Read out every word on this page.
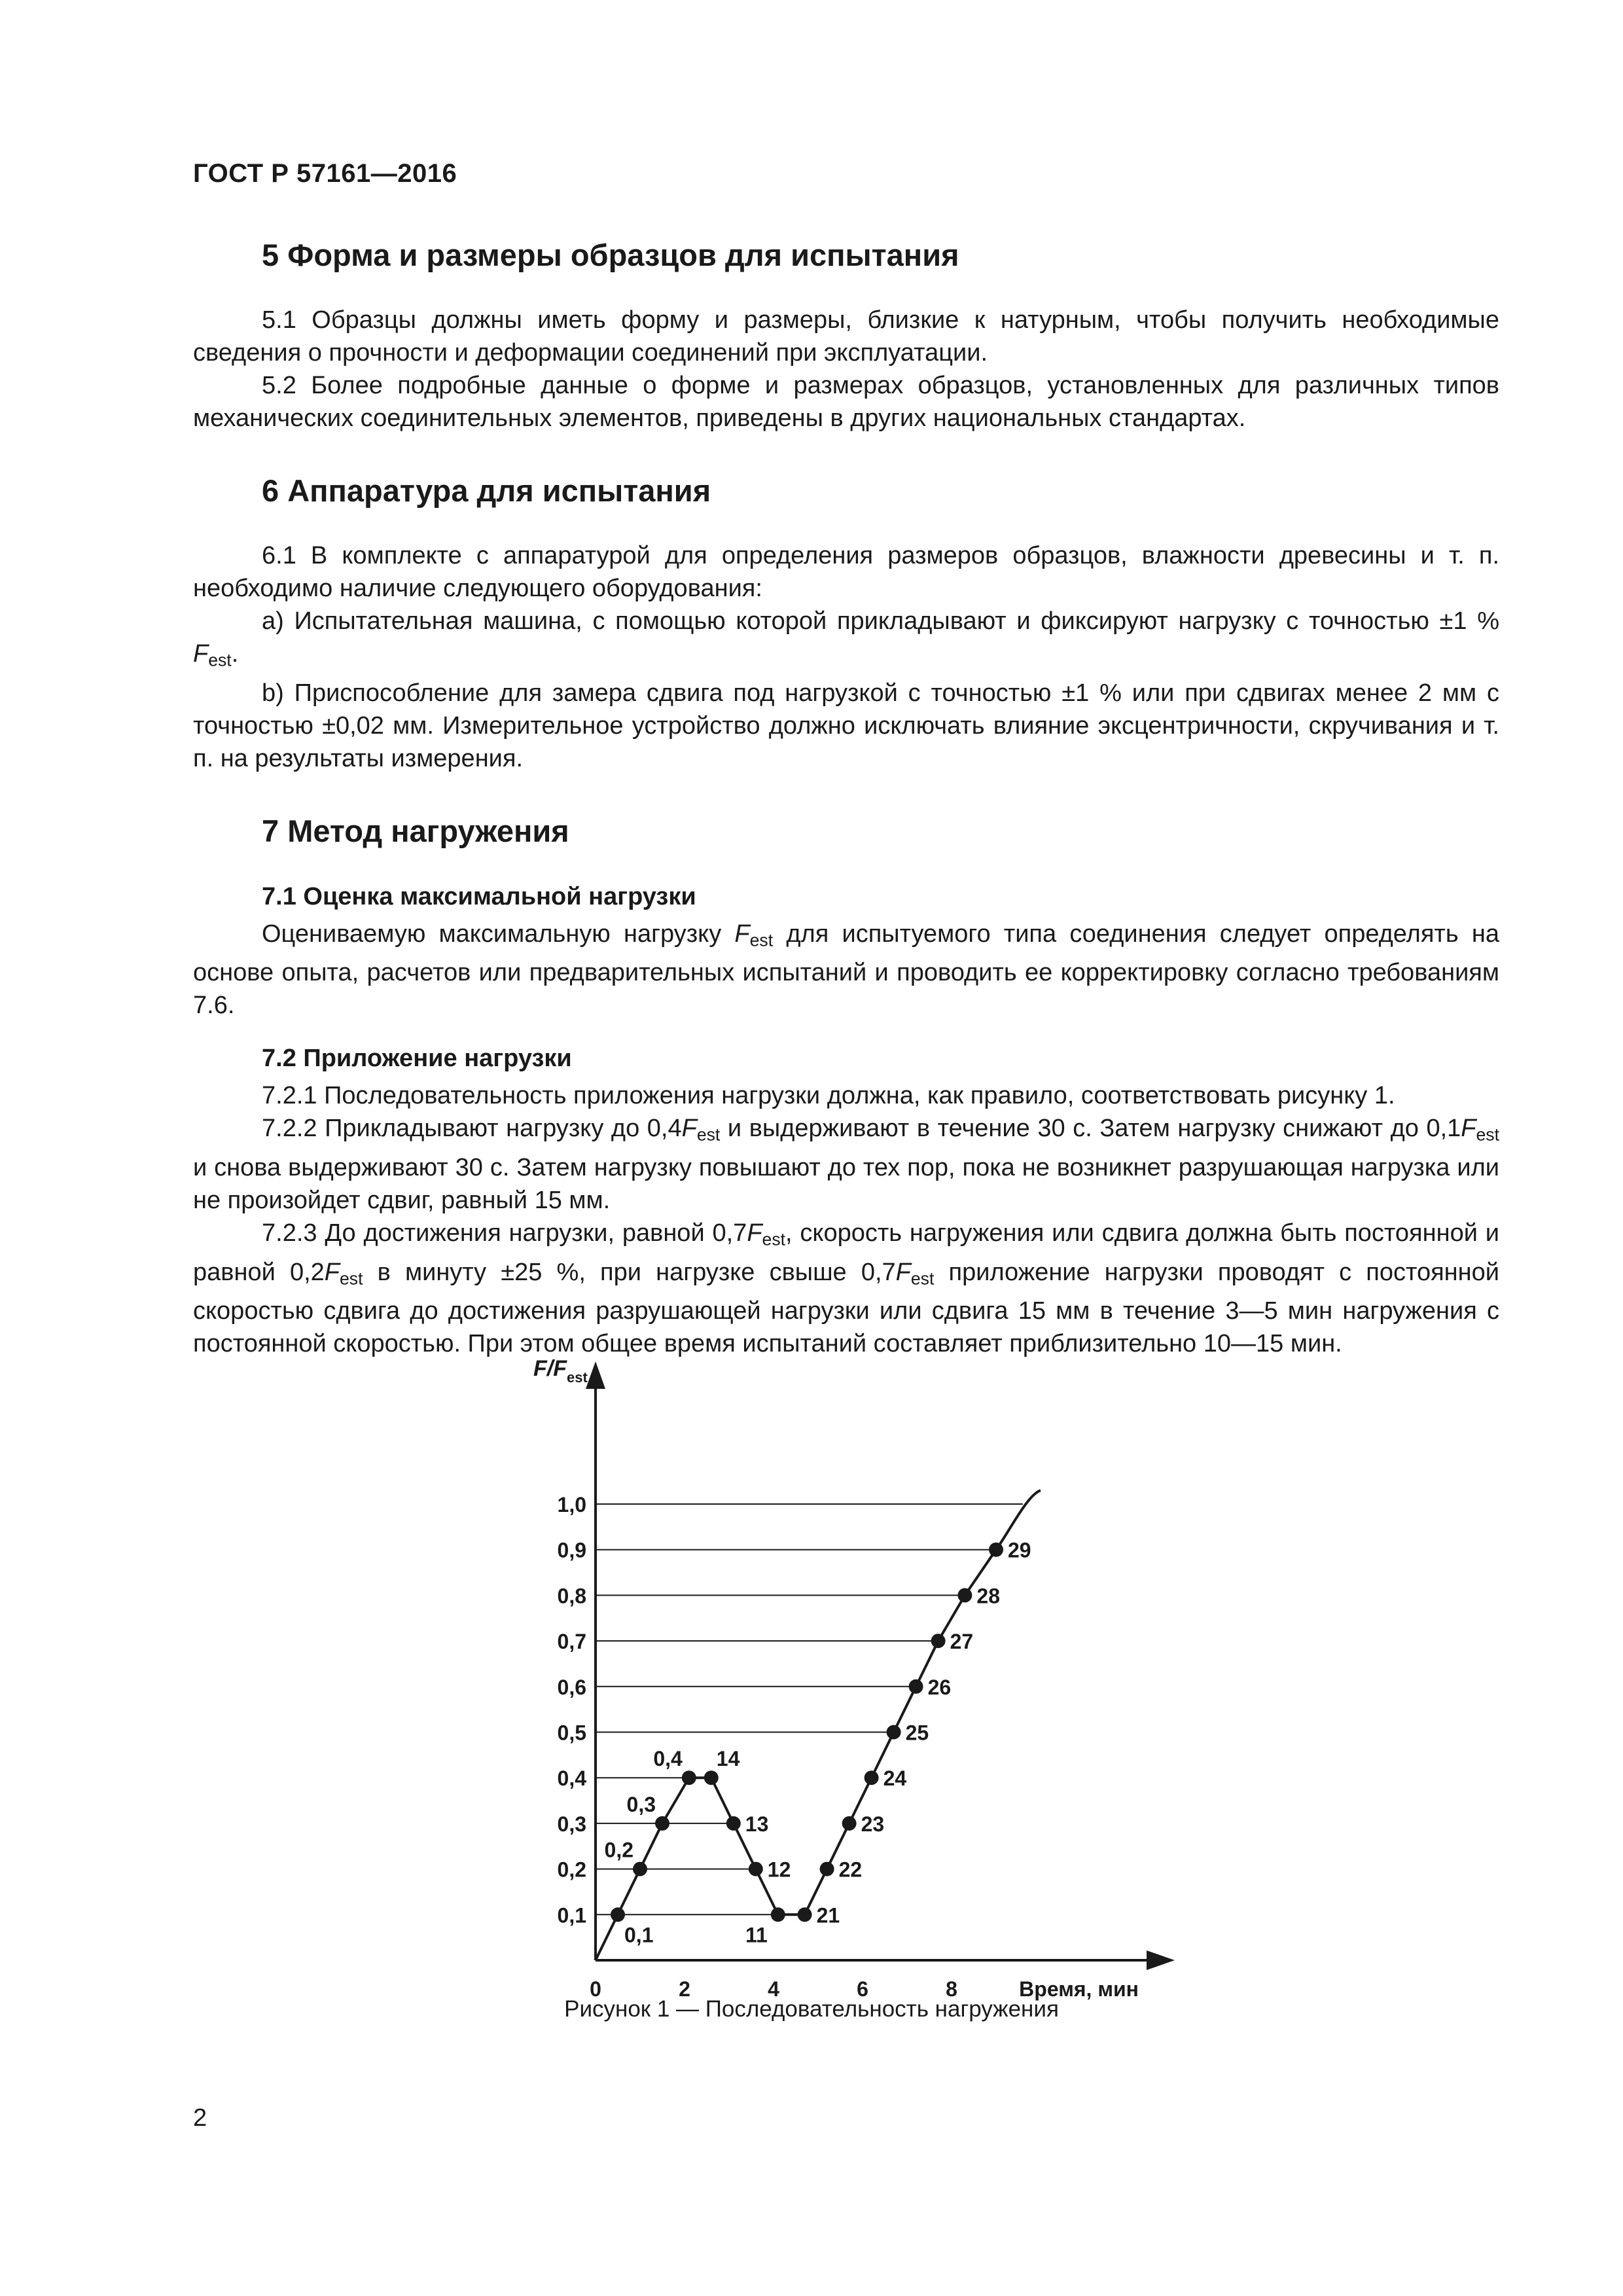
ГОСТ Р 57161—2016
5 Форма и размеры образцов для испытания

5.1 Образцы должны иметь форму и размеры, близкие к натурным, чтобы получить необходимые сведения о прочности и деформации соединений при эксплуатации.

5.2 Более подробные данные о форме и размерах образцов, установленных для различных типов механических соединительных элементов, приведены в других национальных стандартах.

6 Аппаратура для испытания

6.1 В комплекте с аппаратурой для определения размеров образцов, влажности древесины и т. п. необходимо наличие следующего оборудования:

a) Испытательная машина, с помощью которой прикладывают и фиксируют нагрузку с точностью ±1 % $F_{est}$.

b) Приспособление для замера сдвига под нагрузкой с точностью ±1 % или при сдвигах менее 2 мм с точностью ±0,02 мм. Измерительное устройство должно исключать влияние эксцентричности, скручивания и т. п. на результаты измерения.

7 Метод нагружения
7.1 Оценка максимальной нагрузки

Оцениваемую максимальную нагрузку $F_{est}$ для испытуемого типа соединения следует определять на основе опыта, расчетов или предварительных испытаний и проводить ее корректировку согласно требованиям 7.6.

7.2 Приложение нагрузки

7.2.1 Последовательность приложения нагрузки должна, как правило, соответствовать рисунку 1.

7.2.2 Прикладывают нагрузку до $0,4F_{est}$ и выдерживают в течение 30 с. Затем нагрузку снижают до $0,1F_{est}$ и снова выдерживают 30 с. Затем нагрузку повышают до тех пор, пока не возникнет разрушающая нагрузка или не произойдет сдвиг, равный 15 мм.

7.2.3 До достижения нагрузки, равной $0,7F_{est}$, скорость нагружения или сдвига должна быть постоянной и равной $0,2F_{est}$ в минуту ±25 %, при нагрузке свыше $0,7F_{est}$ приложение нагрузки проводят с постоянной скоростью сдвига до достижения разрушающей нагрузки или сдвига 15 мм в течение 3—5 мин нагружения с постоянной скоростью. При этом общее время испытаний составляет приблизительно 10—15 мин.

$F/F_{est}$
Время, мин
0,1
0,2
0,3
0,4
0,5
0,6
0,7
0,8
0,9
1,0
0	2	4	6	8
0,1
0,2
0,3
0,4 14
13
12
11
21
22
23
24
25
26
27
28
29
Рисунок 1 — Последовательность нагружения
2
